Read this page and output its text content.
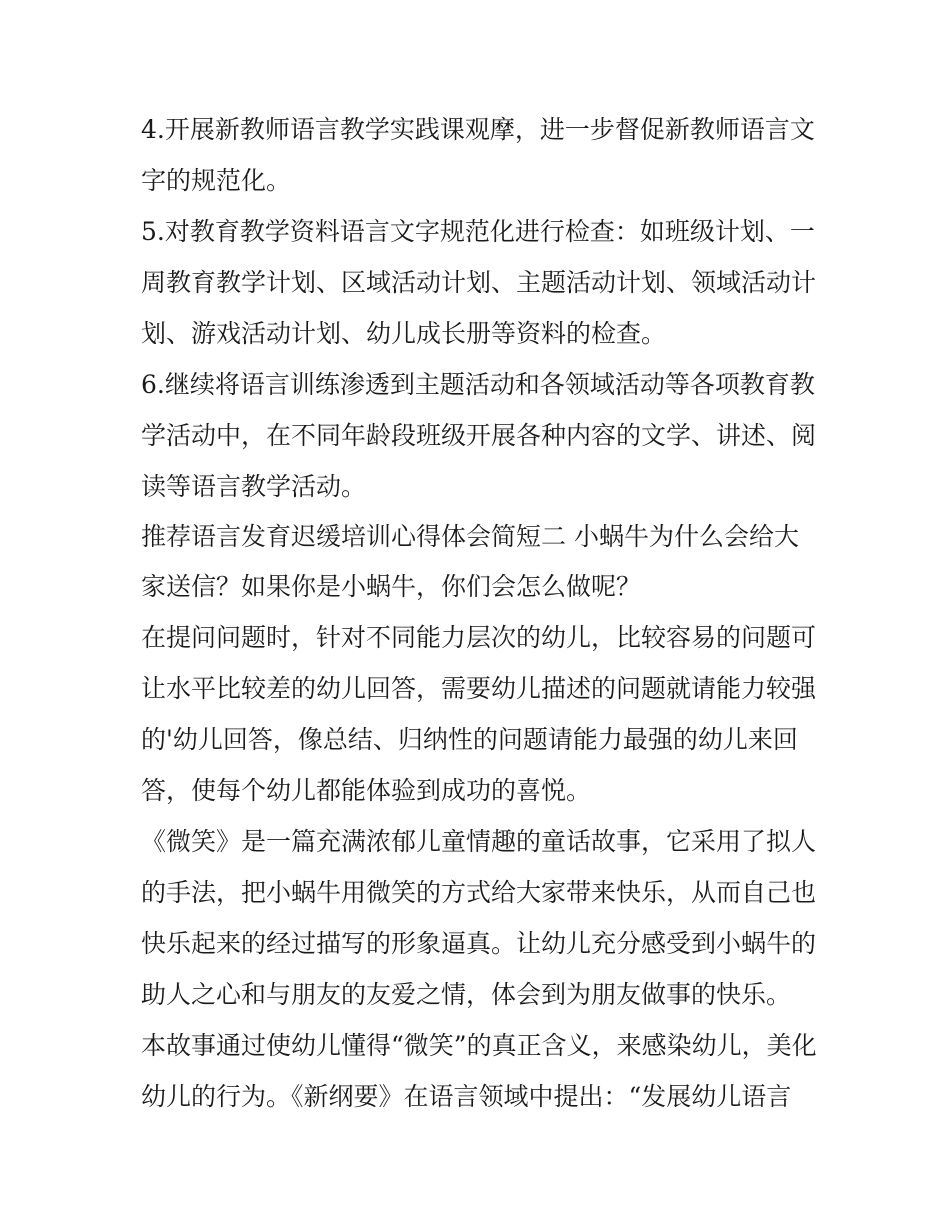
4.开展新教师语言教学实践课观摩，进一步督促新教师语言文

字的规范化。

5.对教育教学资料语言文字规范化进行检查：如班级计划、一

周教育教学计划、区域活动计划、主题活动计划、领域活动计

划、游戏活动计划、幼儿成长册等资料的检查。

6.继续将语言训练渗透到主题活动和各领域活动等各项教育教

学活动中，在不同年龄段班级开展各种内容的文学、讲述、阅

读等语言教学活动。

推荐语言发育迟缓培训心得体会简短二 小蜗牛为什么会给大

家送信？如果你是小蜗牛，你们会怎么做呢？

在提问问题时，针对不同能力层次的幼儿，比较容易的问题可

让水平比较差的幼儿回答，需要幼儿描述的问题就请能力较强

的'幼儿回答，像总结、归纳性的问题请能力最强的幼儿来回

答，使每个幼儿都能体验到成功的喜悦。

《微笑》是一篇充满浓郁儿童情趣的童话故事，它采用了拟人

的手法，把小蜗牛用微笑的方式给大家带来快乐，从而自己也

快乐起来的经过描写的形象逼真。让幼儿充分感受到小蜗牛的

助人之心和与朋友的友爱之情，体会到为朋友做事的快乐。

本故事通过使幼儿懂得“微笑”的真正含义，来感染幼儿，美化

幼儿的行为。《新纲要》在语言领域中提出：“发展幼儿语言
